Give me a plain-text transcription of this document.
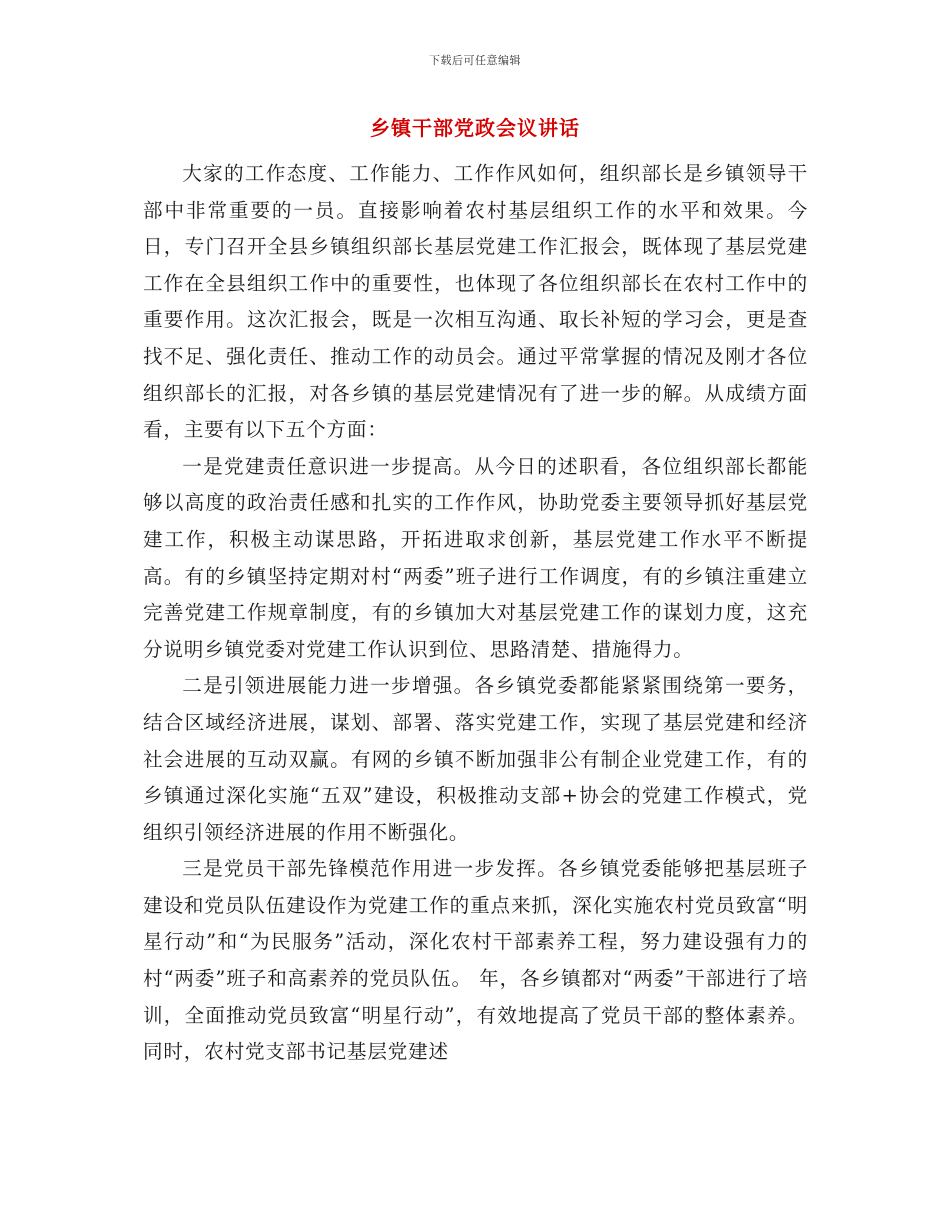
下载后可任意编辑
乡镇干部党政会议讲话

大家的工作态度、工作能力、工作作风如何，组织部长是乡镇领导干部中非常重要的一员。直接影响着农村基层组织工作的水平和效果。今日，专门召开全县乡镇组织部长基层党建工作汇报会，既体现了基层党建工作在全县组织工作中的重要性，也体现了各位组织部长在农村工作中的重要作用。这次汇报会，既是一次相互沟通、取长补短的学习会，更是查找不足、强化责任、推动工作的动员会。通过平常掌握的情况及刚才各位组织部长的汇报，对各乡镇的基层党建情况有了进一步的解。从成绩方面看，主要有以下五个方面：

一是党建责任意识进一步提高。从今日的述职看，各位组织部长都能够以高度的政治责任感和扎实的工作作风，协助党委主要领导抓好基层党建工作，积极主动谋思路，开拓进取求创新，基层党建工作水平不断提高。有的乡镇坚持定期对村“两委”班子进行工作调度，有的乡镇注重建立完善党建工作规章制度，有的乡镇加大对基层党建工作的谋划力度，这充分说明乡镇党委对党建工作认识到位、思路清楚、措施得力。

二是引领进展能力进一步增强。各乡镇党委都能紧紧围绕第一要务，结合区域经济进展，谋划、部署、落实党建工作，实现了基层党建和经济社会进展的互动双赢。有网的乡镇不断加强非公有制企业党建工作，有的乡镇通过深化实施“五双”建设，积极推动支部+协会的党建工作模式，党组织引领经济进展的作用不断强化。

三是党员干部先锋模范作用进一步发挥。各乡镇党委能够把基层班子建设和党员队伍建设作为党建工作的重点来抓，深化实施农村党员致富“明星行动”和“为民服务”活动，深化农村干部素养工程，努力建设强有力的村“两委”班子和高素养的党员队伍。 年，各乡镇都对“两委”干部进行了培训，全面推动党员致富“明星行动”，有效地提高了党员干部的整体素养。同时，农村党支部书记基层党建述
